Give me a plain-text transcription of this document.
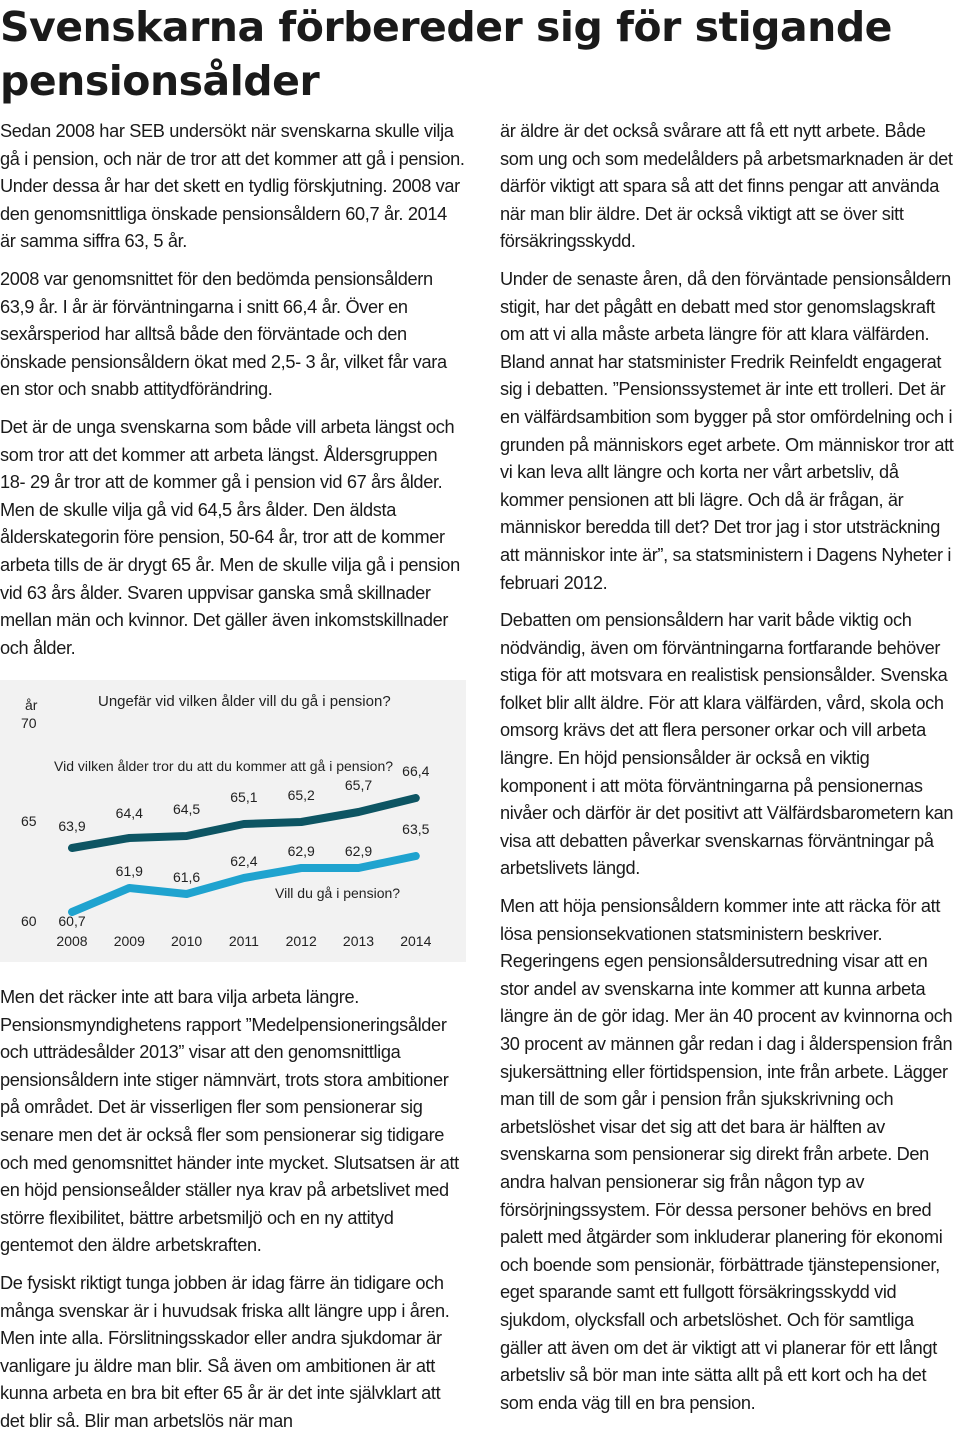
Svenskarna förbereder sig för stigande pensionsålder

Sedan 2008 har SEB undersökt när svenskarna skulle vilja gå i pension, och när de tror att det kommer att gå i pension. Under dessa år har det skett en tydlig förskjutning. 2008 var den genomsnittliga önskade pensionsåldern 60,7 år. 2014 är samma siffra 63, 5 år.

2008 var genomsnittet för den bedömda pensionsåldern 63,9 år. I år är förväntningarna i snitt 66,4 år. Över en sexårsperiod har alltså både den förväntade och den önskade pensionsåldern ökat med 2,5- 3 år, vilket får vara en stor och snabb attitydförändring.

Det är de unga svenskarna som både vill arbeta längst och som tror att det kommer att arbeta längst. Åldersgruppen 18- 29 år tror att de kommer gå i pension vid 67 års ålder. Men de skulle vilja gå vid 64,5 års ålder. Den äldsta ålderskategorin före pension, 50-64 år, tror att de kommer arbeta tills de är drygt 65 år. Men de skulle vilja gå i pension vid 63 års ålder. Svaren uppvisar ganska små skillnader mellan män och kvinnor. Det gäller även inkomstskillnader och ålder.

år
70
65
60
Ungefär vid vilken ålder vill du gå i pension?
2008 2009 2010 2011 2012 2013 2014
63,9
64,4 64,5
65,1 65,2
65,7
66,4
60,7
61,9 61,6
62,4
62,9 62,9
63,5
Vid vilken ålder tror du att du kommer att gå i pension?
Vill du gå i pension?

Men det räcker inte att bara vilja arbeta längre. Pensionsmyndighetens rapport ”Medelpensioneringsålder och utträdesålder 2013” visar att den genomsnittliga pensionsåldern inte stiger nämnvärt, trots stora ambitioner på området. Det är visserligen fler som pensionerar sig senare men det är också fler som pensionerar sig tidigare och med genomsnittet händer inte mycket. Slutsatsen är att en höjd pensionseålder ställer nya krav på arbetslivet med större flexibilitet, bättre arbetsmiljö och en ny attityd gentemot den äldre arbetskraften.

De fysiskt riktigt tunga jobben är idag färre än tidigare och många svenskar är i huvudsak friska allt längre upp i åren. Men inte alla. Förslitningsskador eller andra sjukdomar är vanligare ju äldre man blir. Så även om ambitionen är att kunna arbeta en bra bit efter 65 år är det inte självklart att det blir så. Blir man arbetslös när man

är äldre är det också svårare att få ett nytt arbete. Både som ung och som medelålders på arbetsmarknaden är det därför viktigt att spara så att det finns pengar att använda när man blir äldre. Det är också viktigt att se över sitt försäkringsskydd.

Under de senaste åren, då den förväntade pensionsåldern stigit, har det pågått en debatt med stor genomslagskraft om att vi alla måste arbeta längre för att klara välfärden. Bland annat har statsminister Fredrik Reinfeldt engagerat sig i debatten. ”Pensionssystemet är inte ett trolleri. Det är en välfärdsambition som bygger på stor omfördelning och i grunden på människors eget arbete. Om människor tror att vi kan leva allt längre och korta ner vårt arbetsliv, då kommer pensionen att bli lägre. Och då är frågan, är människor beredda till det? Det tror jag i stor utsträckning att människor inte är”, sa statsministern i Dagens Nyheter i februari 2012.

Debatten om pensionsåldern har varit både viktig och nödvändig, även om förväntningarna fortfarande behöver stiga för att motsvara en realistisk pensionsålder. Svenska folket blir allt äldre. För att klara välfärden, vård, skola och omsorg krävs det att flera personer orkar och vill arbeta längre. En höjd pensionsålder är också en viktig komponent i att möta förväntningarna på pensionernas nivåer och därför är det positivt att Välfärdsbarometern kan visa att debatten påverkar svenskarnas förväntningar på arbetslivets längd.

Men att höja pensionsåldern kommer inte att räcka för att lösa pensionsekvationen statsministern beskriver. Regeringens egen pensionsåldersutredning visar att en stor andel av svenskarna inte kommer att kunna arbeta längre än de gör idag. Mer än 40 procent av kvinnorna och 30 procent av männen går redan i dag i ålderspension från sjukersättning eller förtidspension, inte från arbete. Lägger man till de som går i pension från sjukskrivning och arbetslöshet visar det sig att det bara är hälften av svenskarna som pensionerar sig direkt från arbete. Den andra halvan pensionerar sig från någon typ av försörjningssystem. För dessa personer behövs en bred palett med åtgärder som inkluderar planering för ekonomi och boende som pensionär, förbättrade tjänstepensioner, eget sparande samt ett fullgott försäkringsskydd vid sjukdom, olycksfall och arbetslöshet. Och för samtliga gäller att även om det är viktigt att vi planerar för ett långt arbetsliv så bör man inte sätta allt på ett kort och ha det som enda väg till en bra pension.
